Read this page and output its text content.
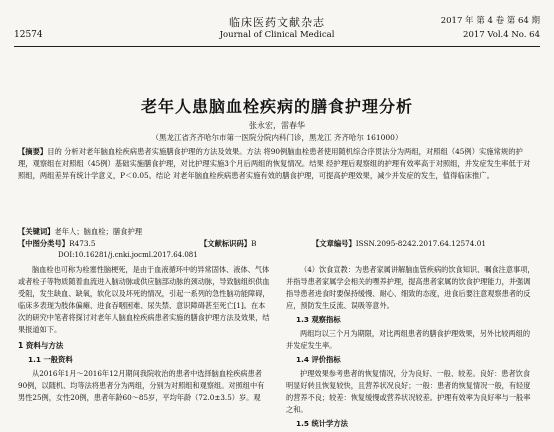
12574
临床医药文献杂志
Journal of Clinical Medical
2017 年 第 4 卷 第 64 期
2017 Vol.4 No. 64
老年人患脑血栓疾病的膳食护理分析
张永宏，雷春华
（黑龙江省齐齐哈尔市第一医院分院内科门诊，黑龙江 齐齐哈尔 161000）
【摘要】目的 分析对老年脑血栓疾病患者实施膳食护理的方法及效果。方法 将90例脑血栓患者使用随机综合序贯法分为两组，对照组（45例）实施常规的护理，观察组在对照组（45例）基础实施膳食护理，对比护理实施3个月后两组的恢复情况。结果 经护理后观察组的护理有效率高于对照组，并发症发生率低于对照组，两组差异有统计学意义，P＜0.05。结论 对老年脑血栓疾病患者实施有效的膳食护理，可提高护理效果，减少并发症的发生，值得临床推广。
【关键词】老年人；脑血栓；膳食护理
【中图分类号】R473.5	【文献标识码】B	【文章编号】ISSN.2095-8242.2017.64.12574.01
DOI:10.16281/j.cnki.jocml.2017.64.081

脑血栓也可称为栓塞性脑梗死，是由于血液循环中的异常固体、液体、气体或者栓子等物质随着血流进入脑动脉或供应脑部动脉的颈动脉，导致脑组织供血受阻，发生缺血、缺氧，软化以及坏死的情况，引起一系列的急性脑功能障碍，临床多表现为肢体偏瘫、进食吞咽困难、尿失禁、意识障碍甚至死亡[1]。在本次的研究中笔者将探讨对老年人脑血栓疾病患者实施的膳食护理方法及效果，结果报道如下。

1 资料与方法
1.1 一般资料

从2016年1月～2016年12月期间我院收治的患者中选择脑血栓疾病患者90例，以随机、均等法将患者分为两组，分别为对照组和观察组。对照组中有男性25例，女性20例，患者年龄60～85岁，平均年龄（72.0±3.5）岁。观

（4）饮食宣教：为患者家属讲解脑血管疾病的饮食知识、嘱食注意事项，并指导患者家属学会相关的嘿养护理，提高患者家属的饮食护理能力，并强调指导患者进食时要保持缓慢、耐心、细致的态度，进食后要注意观察患者的反应，预防发生反流、误吸等意外。

1.3 观察指标

两组均以三个月为期限，对比两组患者的膳食护理效果，另外比较两组的并发症发生率。

1.4 评价指标

护理效果参考患者的恢复情况，分为良好、一般、较差。良好：患者饮食明显好转且恢复较快，且营养状况良好；一般：患者的恢复情况一般，有轻度的营养不良；较差：恢复缓慢或营养状况较差。护理有效率为良好率与一般率之和。

1.5 统计学方法
